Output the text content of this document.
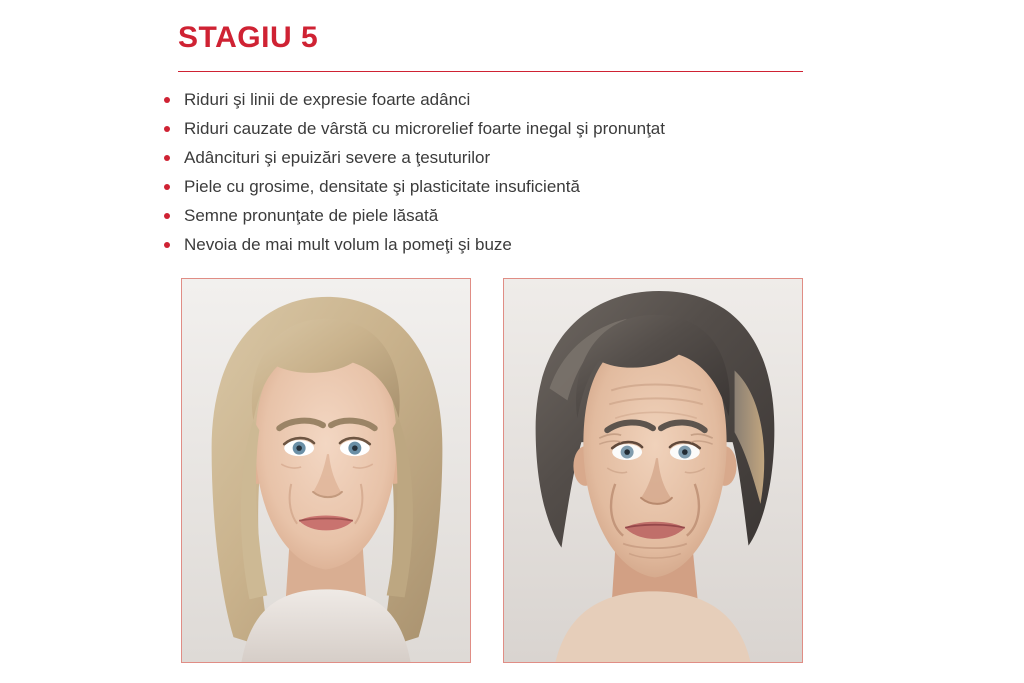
STAGIU 5
Riduri şi linii de expresie foarte adânci
Riduri cauzate de vârstă cu microrelief foarte inegal şi pronunţat
Adâncituri şi epuizări severe a ţesuturilor
Piele cu grosime, densitate şi plasticitate insuficientă
Semne pronunţate de piele lăsată
Nevoia de mai mult volum la pomeţi şi buze
